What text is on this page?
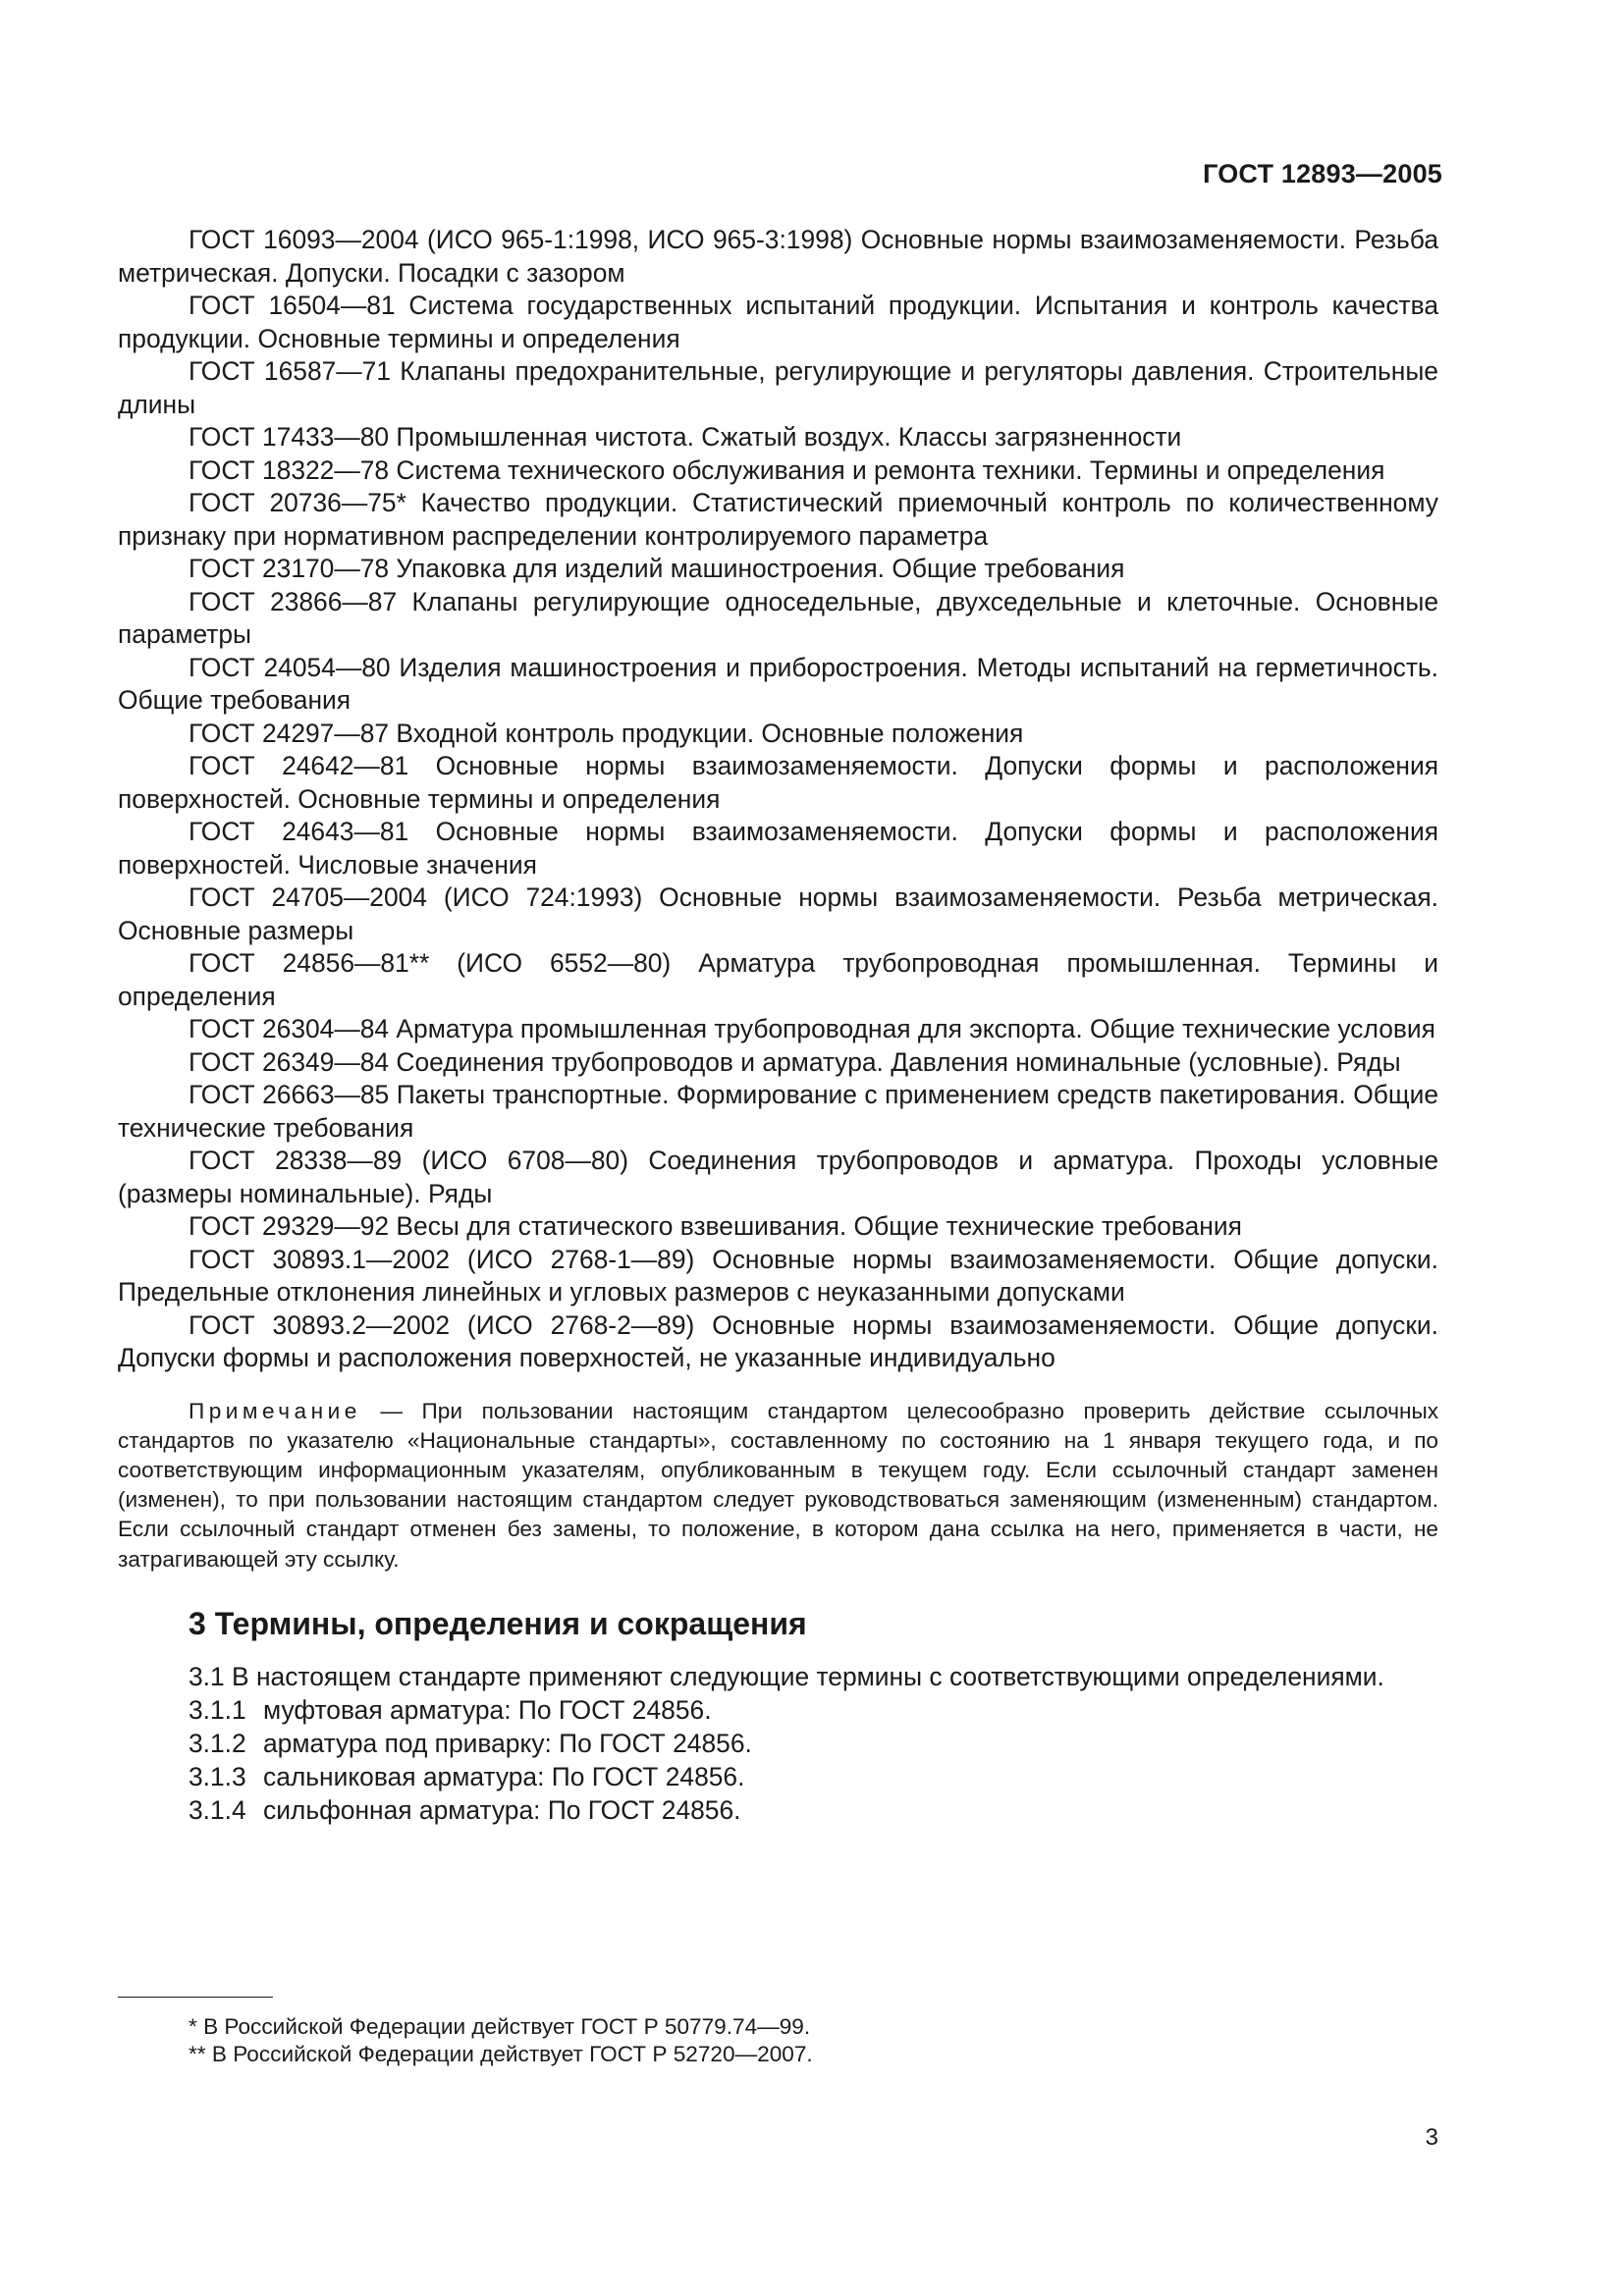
ГОСТ 12893—2005

ГОСТ 16093—2004 (ИСО 965-1:1998, ИСО 965-3:1998) Основные нормы взаимозаменяемости. Резьба метрическая. Допуски. Посадки с зазором

ГОСТ 16504—81 Система государственных испытаний продукции. Испытания и контроль качества продукции. Основные термины и определения

ГОСТ 16587—71 Клапаны предохранительные, регулирующие и регуляторы давления. Строительные длины

ГОСТ 17433—80 Промышленная чистота. Сжатый воздух. Классы загрязненности

ГОСТ 18322—78 Система технического обслуживания и ремонта техники. Термины и определения

ГОСТ 20736—75* Качество продукции. Статистический приемочный контроль по количественному признаку при нормативном распределении контролируемого параметра

ГОСТ 23170—78 Упаковка для изделий машиностроения. Общие требования

ГОСТ 23866—87 Клапаны регулирующие односедельные, двухседельные и клеточные. Основные параметры

ГОСТ 24054—80 Изделия машиностроения и приборостроения. Методы испытаний на герметичность. Общие требования

ГОСТ 24297—87 Входной контроль продукции. Основные положения

ГОСТ 24642—81 Основные нормы взаимозаменяемости. Допуски формы и расположения поверхностей. Основные термины и определения

ГОСТ 24643—81 Основные нормы взаимозаменяемости. Допуски формы и расположения поверхностей. Числовые значения

ГОСТ 24705—2004 (ИСО 724:1993) Основные нормы взаимозаменяемости. Резьба метрическая. Основные размеры

ГОСТ 24856—81** (ИСО 6552—80) Арматура трубопроводная промышленная. Термины и определения

ГОСТ 26304—84 Арматура промышленная трубопроводная для экспорта. Общие технические условия

ГОСТ 26349—84 Соединения трубопроводов и арматура. Давления номинальные (условные). Ряды

ГОСТ 26663—85 Пакеты транспортные. Формирование с применением средств пакетирования. Общие технические требования

ГОСТ 28338—89 (ИСО 6708—80) Соединения трубопроводов и арматура. Проходы условные (размеры номинальные). Ряды

ГОСТ 29329—92 Весы для статического взвешивания. Общие технические требования

ГОСТ 30893.1—2002 (ИСО 2768-1—89) Основные нормы взаимозаменяемости. Общие допуски. Предельные отклонения линейных и угловых размеров с неуказанными допусками

ГОСТ 30893.2—2002 (ИСО 2768-2—89) Основные нормы взаимозаменяемости. Общие допуски. Допуски формы и расположения поверхностей, не указанные индивидуально

Примечание — При пользовании настоящим стандартом целесообразно проверить действие ссылочных стандартов по указателю «Национальные стандарты», составленному по состоянию на 1 января текущего года, и по соответствующим информационным указателям, опубликованным в текущем году. Если ссылочный стандарт заменен (изменен), то при пользовании настоящим стандартом следует руководствоваться заменяющим (измененным) стандартом. Если ссылочный стандарт отменен без замены, то положение, в котором дана ссылка на него, применяется в части, не затрагивающей эту ссылку.
3 Термины, определения и сокращения

3.1 В настоящем стандарте применяют следующие термины с соответствующими определениями.

3.1.1 муфтовая арматура: По ГОСТ 24856.
3.1.2 арматура под приварку: По ГОСТ 24856.
3.1.3 сальниковая арматура: По ГОСТ 24856.
3.1.4 сильфонная арматура: По ГОСТ 24856.
* В Российской Федерации действует ГОСТ Р 50779.74—99.
** В Российской Федерации действует ГОСТ Р 52720—2007.
3
